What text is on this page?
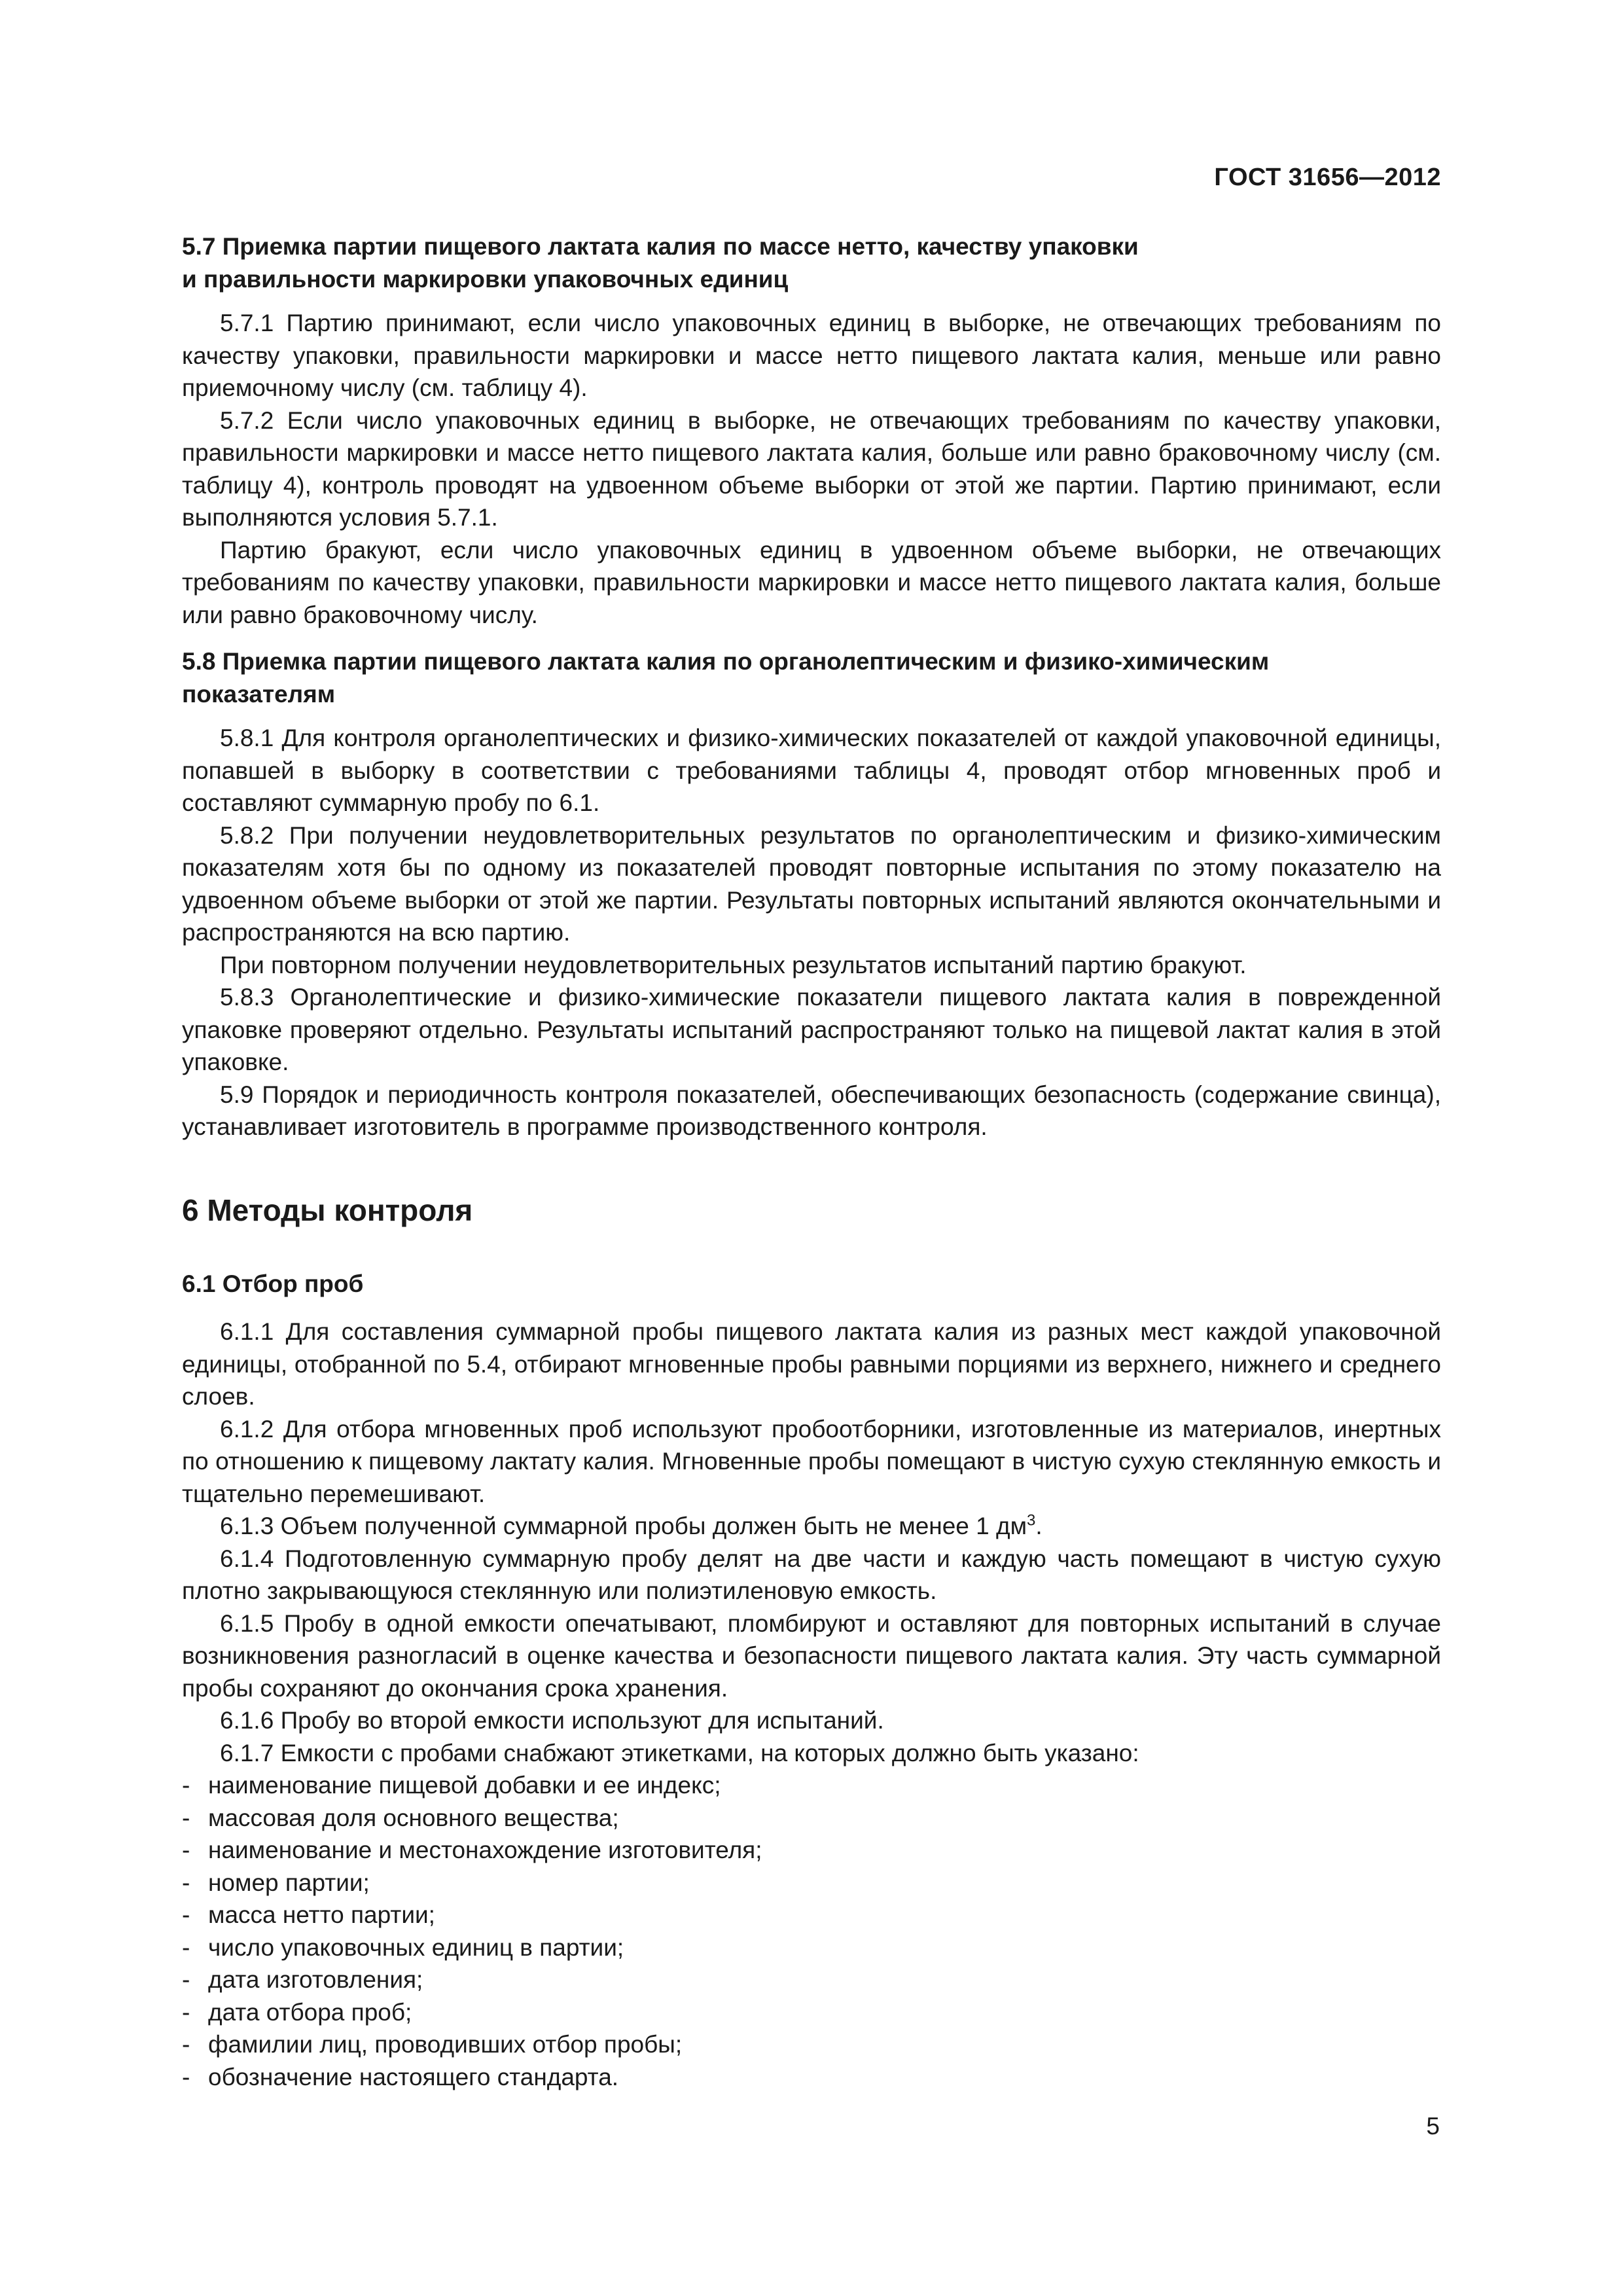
ГОСТ 31656—2012
5.7 Приемка партии пищевого лактата калия по массе нетто, качеству упаковки
и правильности маркировки упаковочных единиц

5.7.1 Партию принимают, если число упаковочных единиц в выборке, не отвечающих требованиям по качеству упаковки, правильности маркировки и массе нетто пищевого лактата калия, меньше или равно приемочному числу (см. таблицу 4).

5.7.2 Если число упаковочных единиц в выборке, не отвечающих требованиям по качеству упаковки, правильности маркировки и массе нетто пищевого лактата калия, больше или равно браковочному числу (см. таблицу 4), контроль проводят на удвоенном объеме выборки от этой же партии. Партию принимают, если выполняются условия 5.7.1.

Партию бракуют, если число упаковочных единиц в удвоенном объеме выборки, не отвечающих требованиям по качеству упаковки, правильности маркировки и массе нетто пищевого лактата калия, больше или равно браковочному числу.

5.8 Приемка партии пищевого лактата калия по органолептическим и физико-химическим
показателям

5.8.1 Для контроля органолептических и физико-химических показателей от каждой упаковочной единицы, попавшей в выборку в соответствии с требованиями таблицы 4, проводят отбор мгновенных проб и составляют суммарную пробу по 6.1.

5.8.2 При получении неудовлетворительных результатов по органолептическим и физико-химическим показателям хотя бы по одному из показателей проводят повторные испытания по этому показателю на удвоенном объеме выборки от этой же партии. Результаты повторных испытаний являются окончательными и распространяются на всю партию.

При повторном получении неудовлетворительных результатов испытаний партию бракуют.

5.8.3 Органолептические и физико-химические показатели пищевого лактата калия в поврежденной упаковке проверяют отдельно. Результаты испытаний распространяют только на пищевой лактат калия в этой упаковке.

5.9 Порядок и периодичность контроля показателей, обеспечивающих безопасность (содержание свинца), устанавливает изготовитель в программе производственного контроля.

6 Методы контроля
6.1 Отбор проб

6.1.1 Для составления суммарной пробы пищевого лактата калия из разных мест каждой упаковочной единицы, отобранной по 5.4, отбирают мгновенные пробы равными порциями из верхнего, нижнего и среднего слоев.

6.1.2 Для отбора мгновенных проб используют пробоотборники, изготовленные из материалов, инертных по отношению к пищевому лактату калия. Мгновенные пробы помещают в чистую сухую стеклянную емкость и тщательно перемешивают.

6.1.3 Объем полученной суммарной пробы должен быть не менее 1 $дм^3$.

6.1.4 Подготовленную суммарную пробу делят на две части и каждую часть помещают в чистую сухую плотно закрывающуюся стеклянную или полиэтиленовую емкость.

6.1.5 Пробу в одной емкости опечатывают, пломбируют и оставляют для повторных испытаний в случае возникновения разногласий в оценке качества и безопасности пищевого лактата калия. Эту часть суммарной пробы сохраняют до окончания срока хранения.

6.1.6 Пробу во второй емкости используют для испытаний.

6.1.7 Емкости с пробами снабжают этикетками, на которых должно быть указано:

- наименование пищевой добавки и ее индекс;
- массовая доля основного вещества;
- наименование и местонахождение изготовителя;
- номер партии;
- масса нетто партии;
- число упаковочных единиц в партии;
- дата изготовления;
- дата отбора проб;
- фамилии лиц, проводивших отбор пробы;
- обозначение настоящего стандарта.
5
